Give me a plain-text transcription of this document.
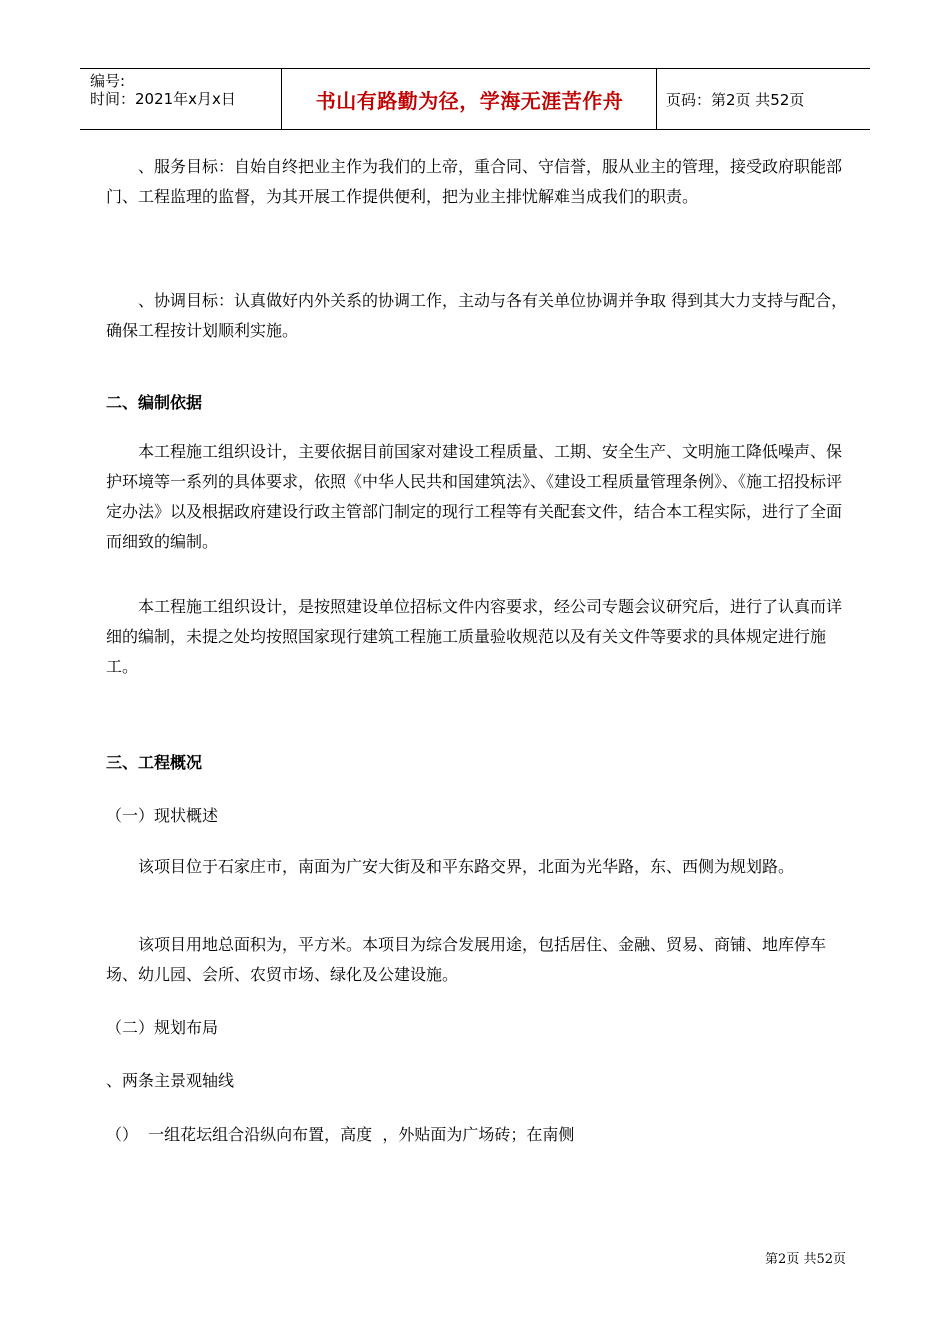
编号:
时间：2021年x月x日	书山有路勤为径，学海无涯苦作舟	页码：第2页 共52页
、服务目标：自始自终把业主作为我们的上帝，重合同、守信誉，服从业主的管理，接受政府职能部门、工程监理的监督，为其开展工作提供便利，把为业主排忧解难当成我们的职责。
、协调目标：认真做好内外关系的协调工作，主动与各有关单位协调并争取 得到其大力支持与配合，确保工程按计划顺利实施。
二、编制依据
本工程施工组织设计，主要依据目前国家对建设工程质量、工期、安全生产、文明施工降低噪声、保护环境等一系列的具体要求，依照《中华人民共和国建筑法》、《建设工程质量管理条例》、《施工招投标评定办法》以及根据政府建设行政主管部门制定的现行工程等有关配套文件，结合本工程实际，进行了全面而细致的编制。
本工程施工组织设计，是按照建设单位招标文件内容要求，经公司专题会议研究后，进行了认真而详细的编制，未提之处均按照国家现行建筑工程施工质量验收规范以及有关文件等要求的具体规定进行施工。
三、工程概况
（一）现状概述
该项目位于石家庄市，南面为广安大街及和平东路交界，北面为光华路，东、西侧为规划路。
该项目用地总面积为，平方米。本项目为综合发展用途，包括居住、金融、贸易、商铺、地库停车场、幼儿园、会所、农贸市场、绿化及公建设施。
（二）规划布局
、两条主景观轴线
（）  一组花坛组合沿纵向布置，高度  ，外贴面为广场砖；在南侧
第2页 共52页
